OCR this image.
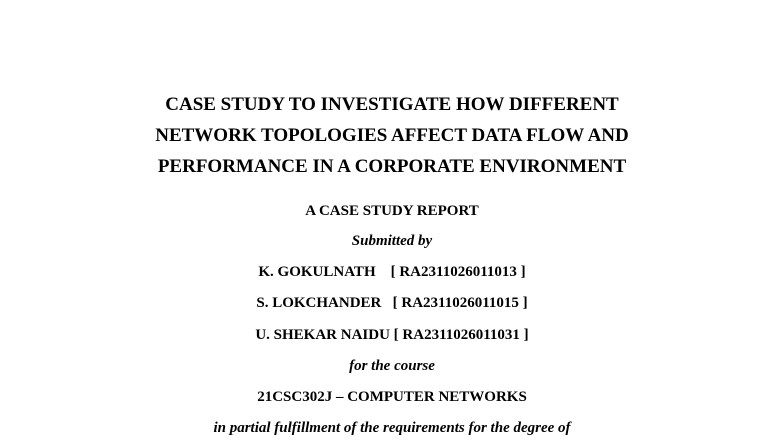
CASE STUDY TO INVESTIGATE HOW DIFFERENT
NETWORK TOPOLOGIES AFFECT DATA FLOW AND
PERFORMANCE IN A CORPORATE ENVIRONMENT

A CASE STUDY REPORT

Submitted by

K. GOKULNATH    [ RA2311026011013 ]

S. LOKCHANDER   [ RA2311026011015 ]

U. SHEKAR NAIDU [ RA2311026011031 ]

for the course

21CSC302J – COMPUTER NETWORKS

in partial fulfillment of the requirements for the degree of
